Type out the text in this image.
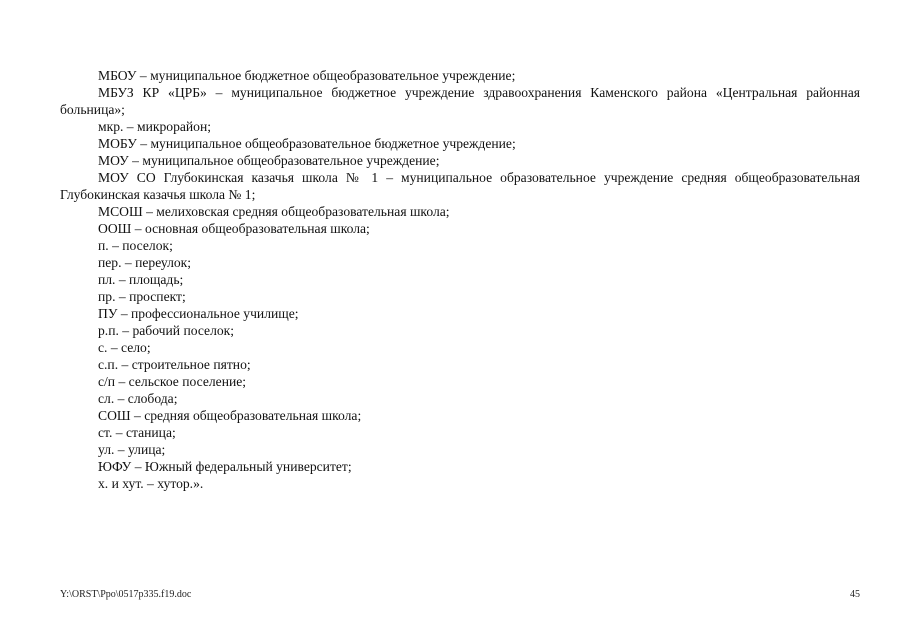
МБОУ – муниципальное бюджетное общеобразовательное учреждение;

МБУЗ КР «ЦРБ» – муниципальное бюджетное учреждение здравоохранения Каменского района «Центральная районная больница»;

мкр. – микрорайон;

МОБУ – муниципальное общеобразовательное бюджетное учреждение;

МОУ – муниципальное общеобразовательное учреждение;

МОУ СО Глубокинская казачья школа № 1 – муниципальное образовательное учреждение средняя общеобразовательная Глубокинская казачья школа № 1;

МСОШ – мелиховская средняя общеобразовательная школа;

ООШ – основная общеобразовательная школа;

п. – поселок;

пер. – переулок;

пл. – площадь;

пр. – проспект;

ПУ – профессиональное училище;

р.п. – рабочий поселок;

с. – село;

с.п. – строительное пятно;

с/п – сельское поселение;

сл. – слобода;

СОШ – средняя общеобразовательная школа;

ст. – станица;

ул. – улица;

ЮФУ – Южный федеральный университет;

х. и хут. – хутор.».

Y:\ORST\Ppo\0517p335.f19.doc	45
